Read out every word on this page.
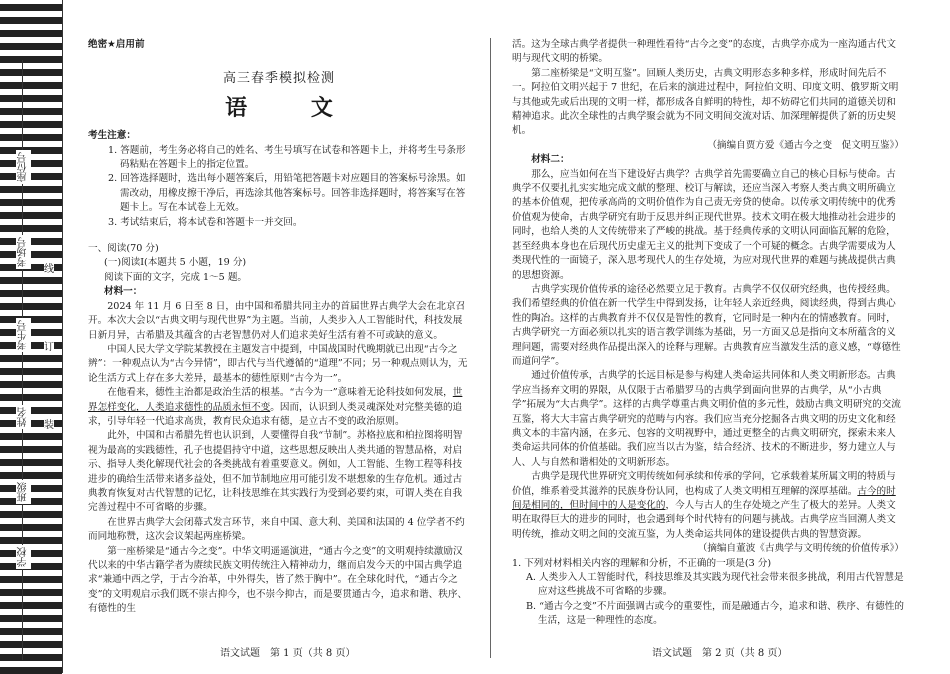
座位号
考场号
考生号
姓名
班级
学校
线
订
装
绝密★启用前
高三春季模拟检测
语 文
考生注意：

1. 答题前，考生务必将自己的姓名、考生号填写在试卷和答题卡上，并将考生号条形码粘贴在答题卡上的指定位置。

2. 回答选择题时，选出每小题答案后，用铅笔把答题卡对应题目的答案标号涂黑。如需改动，用橡皮擦干净后，再选涂其他答案标号。回答非选择题时，将答案写在答题卡上。写在本试卷上无效。

3. 考试结束后，将本试卷和答题卡一并交回。

一、阅读(70 分)

(一)阅读Ⅰ(本题共 5 小题，19 分)

阅读下面的文字，完成 1～5 题。

材料一：

2024 年 11 月 6 日至 8 日，由中国和希腊共同主办的首届世界古典学大会在北京召开。本次大会以“古典文明与现代世界”为主题。当前，人类步入人工智能时代，科技发展日新月异，古希腊及其蕴含的古老智慧仍对人们追求美好生活有着不可或缺的意义。

中国人民大学文学院某教授在主题发言中提到，中国战国时代晚期就已出现“古今之辨”：一种观点认为“古今异情”，即古代与当代遵循的“道理”不同；另一种观点则认为，无论生活方式上存在多大差异，最基本的德性原则“古今为一”。

在他看来，德性主治都是政治生活的根基。“古今为一”意味着无论科技如何发展，世界怎样变化，人类追求德性的品质永恒不变。因而，认识到人类灵魂深处对完整美德的追求，引导年轻一代追求高贵，教育民众追求有德，是立古不变的政治原则。

此外，中国和古希腊先哲也认识到，人要懂得自我“节制”。苏格拉底和柏拉图将明智视为最高的实践德性，孔子也提倡持守中道，这些思想反映出人类共通的智慧品格，对启示、指导人类化解现代社会的各类挑战有着重要意义。例如，人工智能、生物工程等科技进步的确给生活带来诸多益处，但不加节制地应用可能引发不堪想象的生存危机。通过古典教育恢复对古代智慧的记忆，让科技思维在其实践行为受到必要约束，可谓人类在自我完善过程中不可省略的步骤。

在世界古典学大会闭幕式发言环节，来自中国、意大利、美国和法国的 4 位学者不约而同地称赞，这次会议架起两座桥梁。

第一座桥梁是“通古今之变”。中华文明遥遥演进，“通古今之变”的文明观持续激励汉代以来的中华古籍学者为赓续民族文明传统注入精神动力，继而启发今天的中国古典学追求“兼通中西之学，于古今治革，中外得失，皆了然于胸中”。在全球化时代，“通古今之变”的文明观启示我们既不崇古抑今，也不崇今抑古，而是要贯通古今，追求和谐、秩序、有德性的生

活。这为全球古典学者提供一种理性看待“古今之变”的态度，古典学亦成为一座沟通古代文明与现代文明的桥梁。

第二座桥梁是“文明互鉴”。回顾人类历史，古典文明形态多种多样，形成时间先后不一。阿拉伯文明兴起于 7 世纪，在后来的演进过程中，阿拉伯文明、印度文明、俄罗斯文明与其他或先或后出现的文明一样，都形成各自鲜明的特性，却不妨碍它们共同的道德关切和精神追求。此次全球性的古典学聚会就为不同文明间交流对话、加深理解提供了新的历史契机。

（摘编自贾方爱《通古今之变　促文明互鉴》）

材料二：

那么，应当如何在当下建设好古典学？古典学首先需要确立自己的核心目标与使命。古典学不仅要扎扎实实地完成文献的整理、校订与解读，还应当深入考察人类古典文明所确立的基本价值观，把传承高尚的文明价值作为自己责无旁贷的使命。以传承文明传统中的优秀价值观为使命，古典学研究有助于反思并纠正现代世界。技术文明在极大地推动社会进步的同时，也给人类的人文传统带来了严峻的挑战。基于经典传承的文明认同面临瓦解的危险，甚至经典本身也在后现代历史虚无主义的批判下变成了一个可疑的概念。古典学需要成为人类现代性的一面镜子，深入思考现代人的生存处境，为应对现代世界的难题与挑战提供古典的思想资源。

古典学实现价值传承的途径必然要立足于教育。古典学不仅仅研究经典，也传授经典。我们希望经典的价值在新一代学生中得到发扬，让年轻人亲近经典，阅读经典，得到古典心性的陶冶。这样的古典教育并不仅仅是智性的教育，它同时是一种内在的情感教育。同时，古典学研究一方面必须以扎实的语言教学训练为基础，另一方面又总是指向文本所蕴含的义理问题，需要对经典作品提出深入的诠释与理解。古典教育应当激发生活的意义感，“尊德性而道问学”。

通过价值传承，古典学的长远目标是参与构建人类命运共同体和人类文明新形态。古典学应当扬弃文明的界限，从仅限于古希腊罗马的古典学到面向世界的古典学，从“小古典学”拓展为“大古典学”。这样的古典学尊重古典文明价值的多元性，鼓励古典文明研究的交流互鉴，将大大丰富古典学研究的范畴与内容。我们应当充分挖掘各古典文明的历史文化和经典文本的丰富内涵，在多元、包容的文明视野中，通过更整全的古典文明研究，探索未来人类命运共同体的价值基础。我们应当以古为鉴，结合经济、技术的不断进步，努力建立人与人、人与自然和谐相处的文明新形态。

古典学是现代世界研究文明传统如何承续和传承的学问，它承载着某所属文明的特质与价值，维系着受其滋养的民族身份认同，也构成了人类文明相互理解的深厚基础。古今的时间是相同的，但时间中的人是变化的，今人与古人的生存处境之产生了极大的差异。人类文明在取得巨大的进步的同时，也会遇到每个时代特有的问题与挑战。古典学应当回溯人类文明传统，推动文明之间的交流互鉴，为人类命运共同体的建设提供古典的智慧资源。

（摘编自董波《古典学与文明传统的价值传承》）

1. 下列对材料相关内容的理解和分析，不正确的一项是(3 分)

A. 人类步入人工智能时代，科技思维及其实践为现代社会带来很多挑战，利用古代智慧是应对这些挑战不可省略的步骤。

B. “通古今之变”不片面强调古或今的重要性，而是融通古今，追求和谐、秩序、有德性的生活，这是一种理性的态度。

语文试题　第 1 页（共 8 页）	语文试题　第 2 页（共 8 页）
